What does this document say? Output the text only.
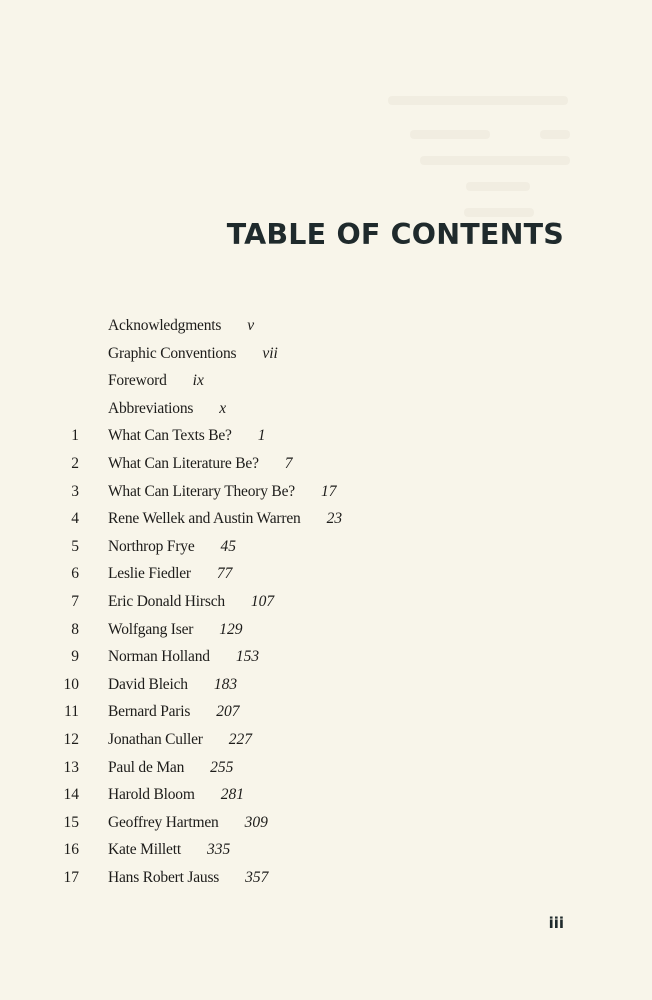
TABLE OF CONTENTS
Acknowledgments v
Graphic Conventions vii
Foreword ix
Abbreviations x
1 What Can Texts Be? 1
2 What Can Literature Be? 7
3 What Can Literary Theory Be? 17
4 Rene Wellek and Austin Warren 23
5 Northrop Frye 45
6 Leslie Fiedler 77
7 Eric Donald Hirsch 107
8 Wolfgang Iser 129
9 Norman Holland 153
10 David Bleich 183
11 Bernard Paris 207
12 Jonathan Culler 227
13 Paul de Man 255
14 Harold Bloom 281
15 Geoffrey Hartmen 309
16 Kate Millett 335
17 Hans Robert Jauss 357
iii
